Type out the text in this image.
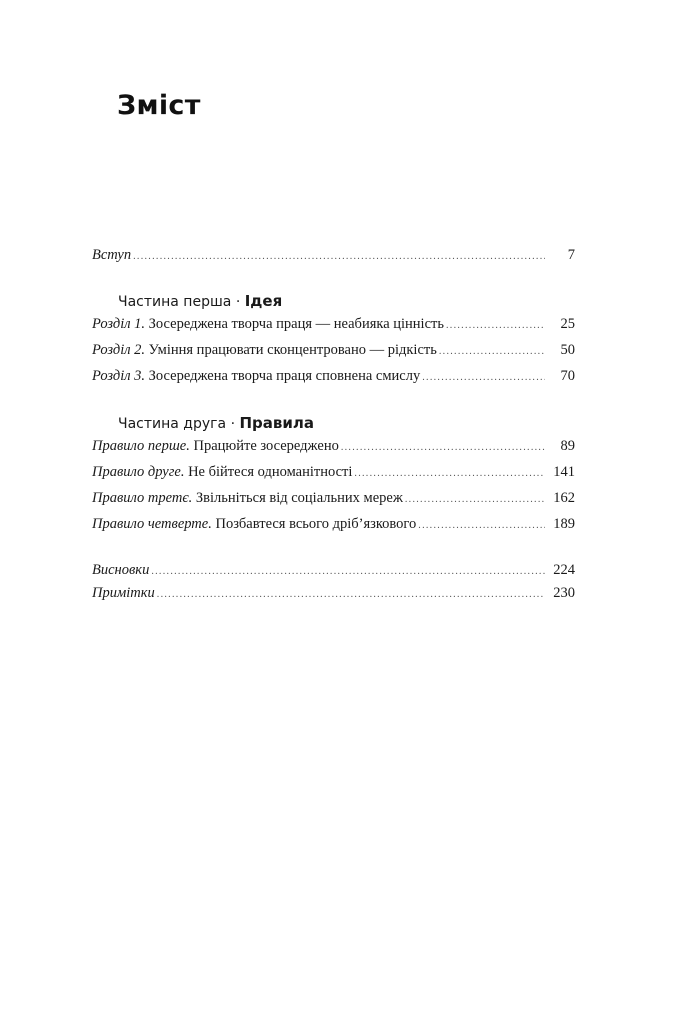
Зміст
Вступ .....	7
Частина перша · Ідея
Розділ 1. Зосереджена творча праця — неабияка цінність .....	25
Розділ 2. Уміння працювати сконцентровано — рідкість .....	50
Розділ 3. Зосереджена творча праця сповнена смислу .....	70
Частина друга · Правила
Правило перше. Працюйте зосереджено .....	89
Правило друге. Не бійтеся одноманітності .....	141
Правило третє. Звільніться від соціальних мереж .....	162
Правило четверте. Позбавтеся всього дріб’язкового .....	189
Висновки .....	224
Примітки .....	230
